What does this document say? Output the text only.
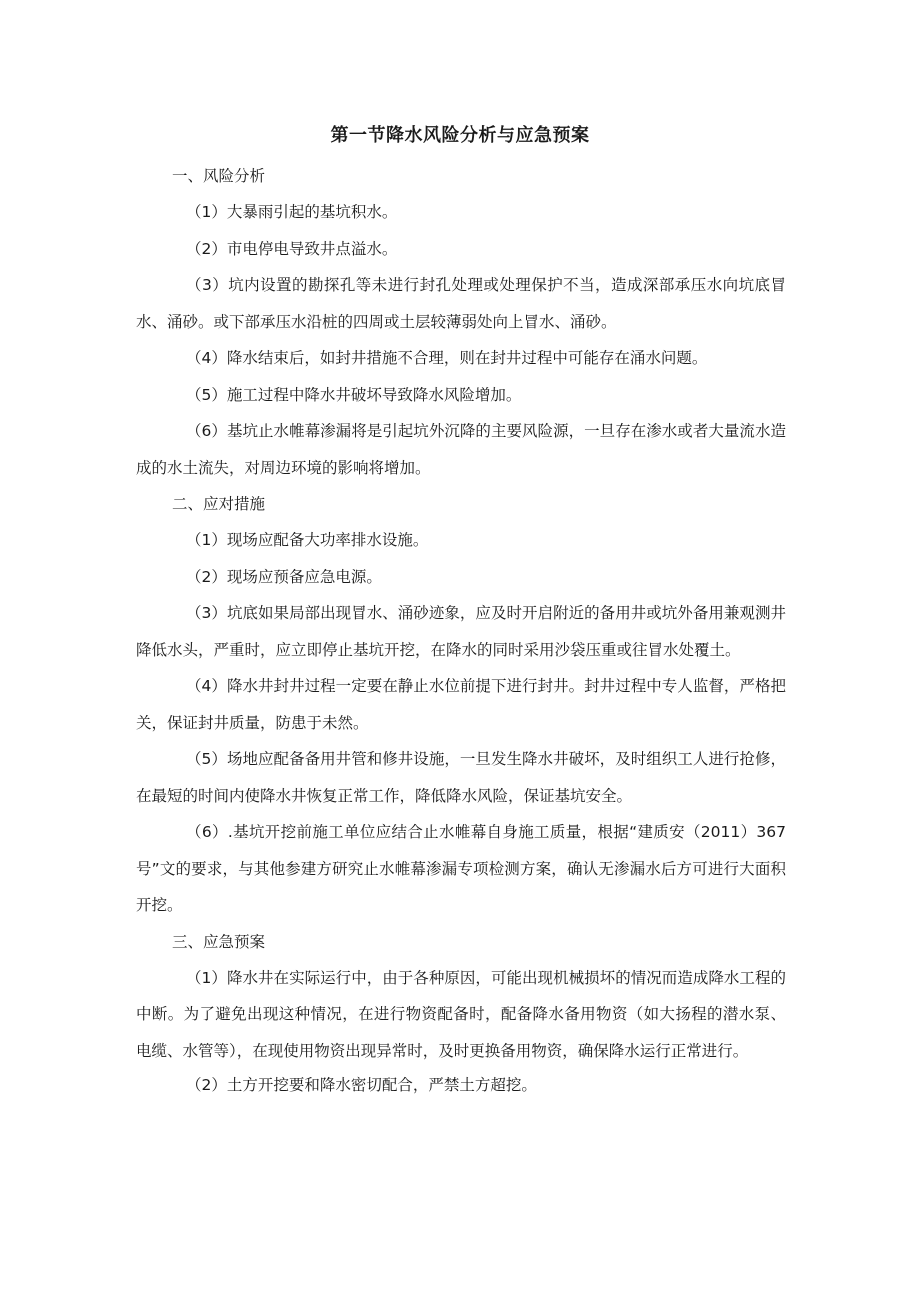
第一节降水风险分析与应急预案

一、风险分析

（1）大暴雨引起的基坑积水。

（2）市电停电导致井点溢水。

（3）坑内设置的勘探孔等未进行封孔处理或处理保护不当，造成深部承压水向坑底冒水、涌砂。或下部承压水沿桩的四周或土层较薄弱处向上冒水、涌砂。

（4）降水结束后，如封井措施不合理，则在封井过程中可能存在涌水问题。

（5）施工过程中降水井破坏导致降水风险增加。

（6）基坑止水帷幕渗漏将是引起坑外沉降的主要风险源，一旦存在渗水或者大量流水造成的水土流失，对周边环境的影响将增加。

二、应对措施

（1）现场应配备大功率排水设施。

（2）现场应预备应急电源。

（3）坑底如果局部出现冒水、涌砂迹象，应及时开启附近的备用井或坑外备用兼观测井降低水头，严重时，应立即停止基坑开挖，在降水的同时采用沙袋压重或往冒水处覆土。

（4）降水井封井过程一定要在静止水位前提下进行封井。封井过程中专人监督，严格把关，保证封井质量，防患于未然。

（5）场地应配备备用井管和修井设施，一旦发生降水井破坏，及时组织工人进行抢修，在最短的时间内使降水井恢复正常工作，降低降水风险，保证基坑安全。

（6）.基坑开挖前施工单位应结合止水帷幕自身施工质量，根据“建质安（2011）367号”文的要求，与其他参建方研究止水帷幕渗漏专项检测方案，确认无渗漏水后方可进行大面积开挖。

三、应急预案

（1）降水井在实际运行中，由于各种原因，可能出现机械损坏的情况而造成降水工程的中断。为了避免出现这种情况，在进行物资配备时，配备降水备用物资（如大扬程的潜水泵、电缆、水管等），在现使用物资出现异常时，及时更换备用物资，确保降水运行正常进行。

（2）土方开挖要和降水密切配合，严禁土方超挖。
